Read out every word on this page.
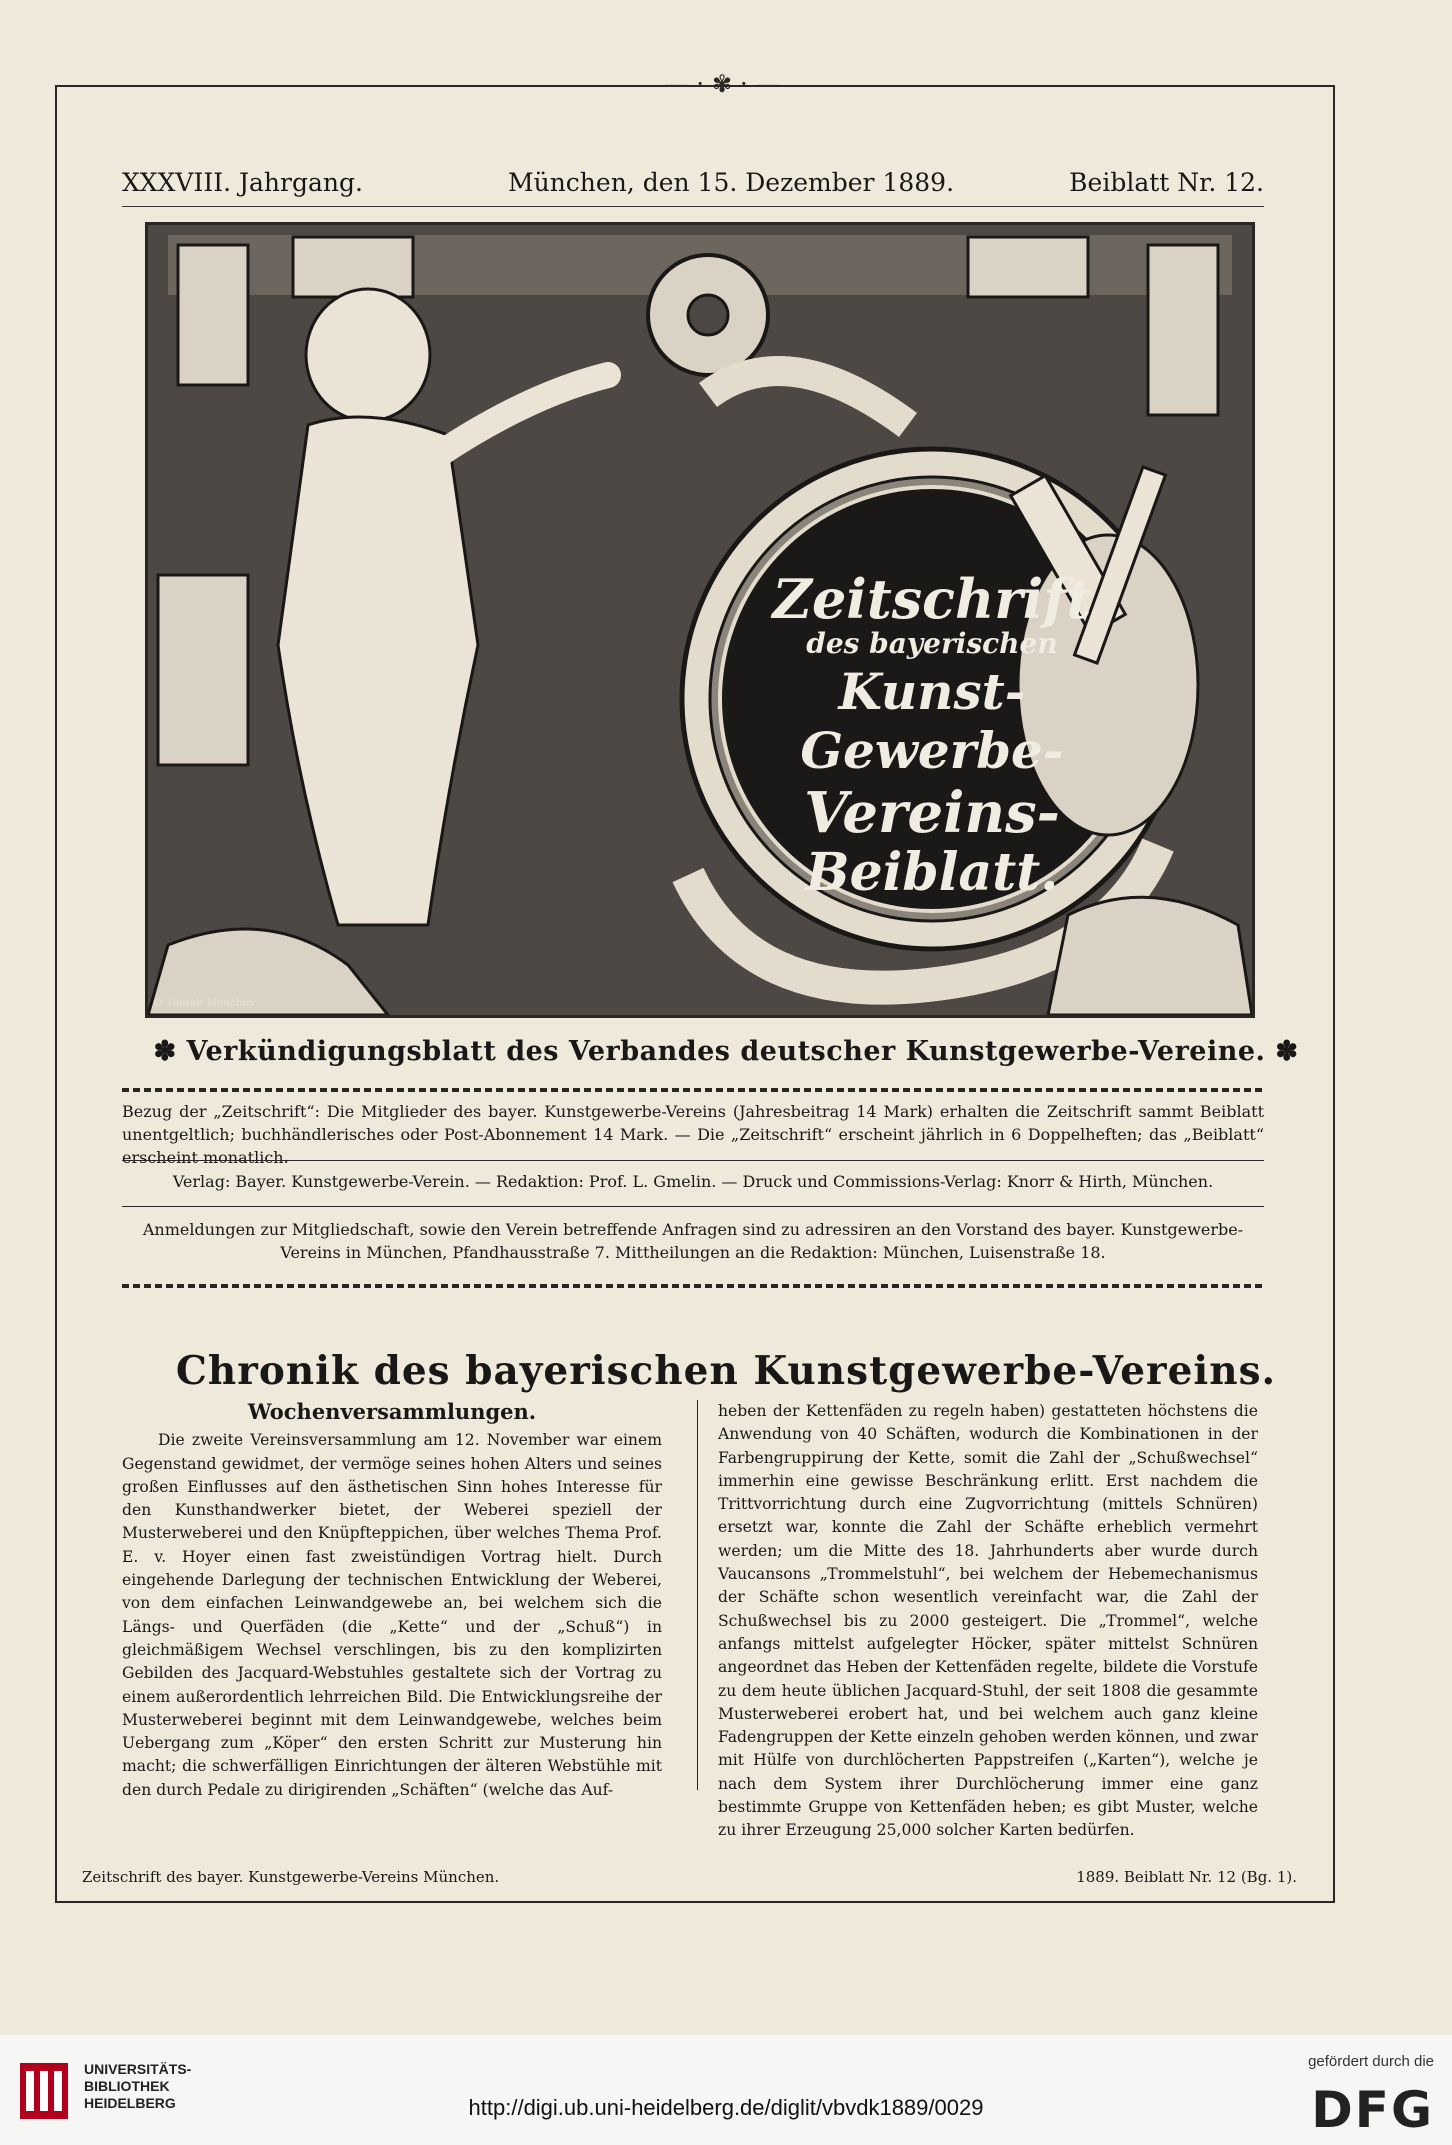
—·✾·—
XXXVIII. Jahrgang.	München, den 15. Dezember 1889.	Beiblatt Nr. 12.
Zeitschrift
des bayerischen
Kunst-Gewerbe-
Vereins-
Beiblatt.
O. Gewalt München
✽ Verkündigungsblatt des Verbandes deutscher Kunstgewerbe-Vereine. ✽
Bezug der „Zeitschrift“: Die Mitglieder des bayer. Kunstgewerbe-Vereins (Jahresbeitrag 14 Mark) erhalten die Zeitschrift sammt Beiblatt unentgeltlich; buchhändlerisches oder Post-Abonnement 14 Mark. — Die „Zeitschrift“ erscheint jährlich in 6 Doppelheften; das „Beiblatt“ erscheint monatlich.
Verlag: Bayer. Kunstgewerbe-Verein. — Redaktion: Prof. L. Gmelin. — Druck und Commissions-Verlag: Knorr & Hirth, München.
Anmeldungen zur Mitgliedschaft, sowie den Verein betreffende Anfragen sind zu adressiren an den Vorstand des bayer. Kunstgewerbe-Vereins in München, Pfandhausstraße 7. Mittheilungen an die Redaktion: München, Luisenstraße 18.
Chronik des bayerischen Kunstgewerbe-Vereins.
Wochenversammlungen.

Die zweite Vereinsversammlung am 12. November war einem Gegenstand gewidmet, der vermöge seines hohen Alters und seines großen Einflusses auf den ästhetischen Sinn hohes Interesse für den Kunsthandwerker bietet, der Weberei speziell der Musterweberei und den Knüpfteppichen, über welches Thema Prof. E. v. Hoyer einen fast zweistündigen Vortrag hielt. Durch eingehende Darlegung der technischen Entwicklung der Weberei, von dem einfachen Leinwandgewebe an, bei welchem sich die Längs- und Querfäden (die „Kette“ und der „Schuß“) in gleichmäßigem Wechsel verschlingen, bis zu den komplizirten Gebilden des Jacquard-Webstuhles gestaltete sich der Vortrag zu einem außerordentlich lehrreichen Bild. Die Entwicklungsreihe der Musterweberei beginnt mit dem Leinwandgewebe, welches beim Uebergang zum „Köper“ den ersten Schritt zur Musterung hin macht; die schwerfälligen Einrichtungen der älteren Webstühle mit den durch Pedale zu dirigirenden „Schäften“ (welche das Auf-

heben der Kettenfäden zu regeln haben) gestatteten höchstens die Anwendung von 40 Schäften, wodurch die Kombinationen in der Farbengruppirung der Kette, somit die Zahl der „Schußwechsel“ immerhin eine gewisse Beschränkung erlitt. Erst nachdem die Trittvorrichtung durch eine Zugvorrichtung (mittels Schnüren) ersetzt war, konnte die Zahl der Schäfte erheblich vermehrt werden; um die Mitte des 18. Jahrhunderts aber wurde durch Vaucansons „Trommelstuhl“, bei welchem der Hebemechanismus der Schäfte schon wesentlich vereinfacht war, die Zahl der Schußwechsel bis zu 2000 gesteigert. Die „Trommel“, welche anfangs mittelst aufgelegter Höcker, später mittelst Schnüren angeordnet das Heben der Kettenfäden regelte, bildete die Vorstufe zu dem heute üblichen Jacquard-Stuhl, der seit 1808 die gesammte Musterweberei erobert hat, und bei welchem auch ganz kleine Fadengruppen der Kette einzeln gehoben werden können, und zwar mit Hülfe von durchlöcherten Pappstreifen („Karten“), welche je nach dem System ihrer Durchlöcherung immer eine ganz bestimmte Gruppe von Kettenfäden heben; es gibt Muster, welche zu ihrer Erzeugung 25,000 solcher Karten bedürfen.

Zeitschrift des bayer. Kunstgewerbe-Vereins München.	1889. Beiblatt Nr. 12 (Bg. 1).
UNIVERSITÄTS-
BIBLIOTHEK
HEIDELBERG	http://digi.ub.uni-heidelberg.de/diglit/vbvdk1889/0029
gefördert durch die
DFG
